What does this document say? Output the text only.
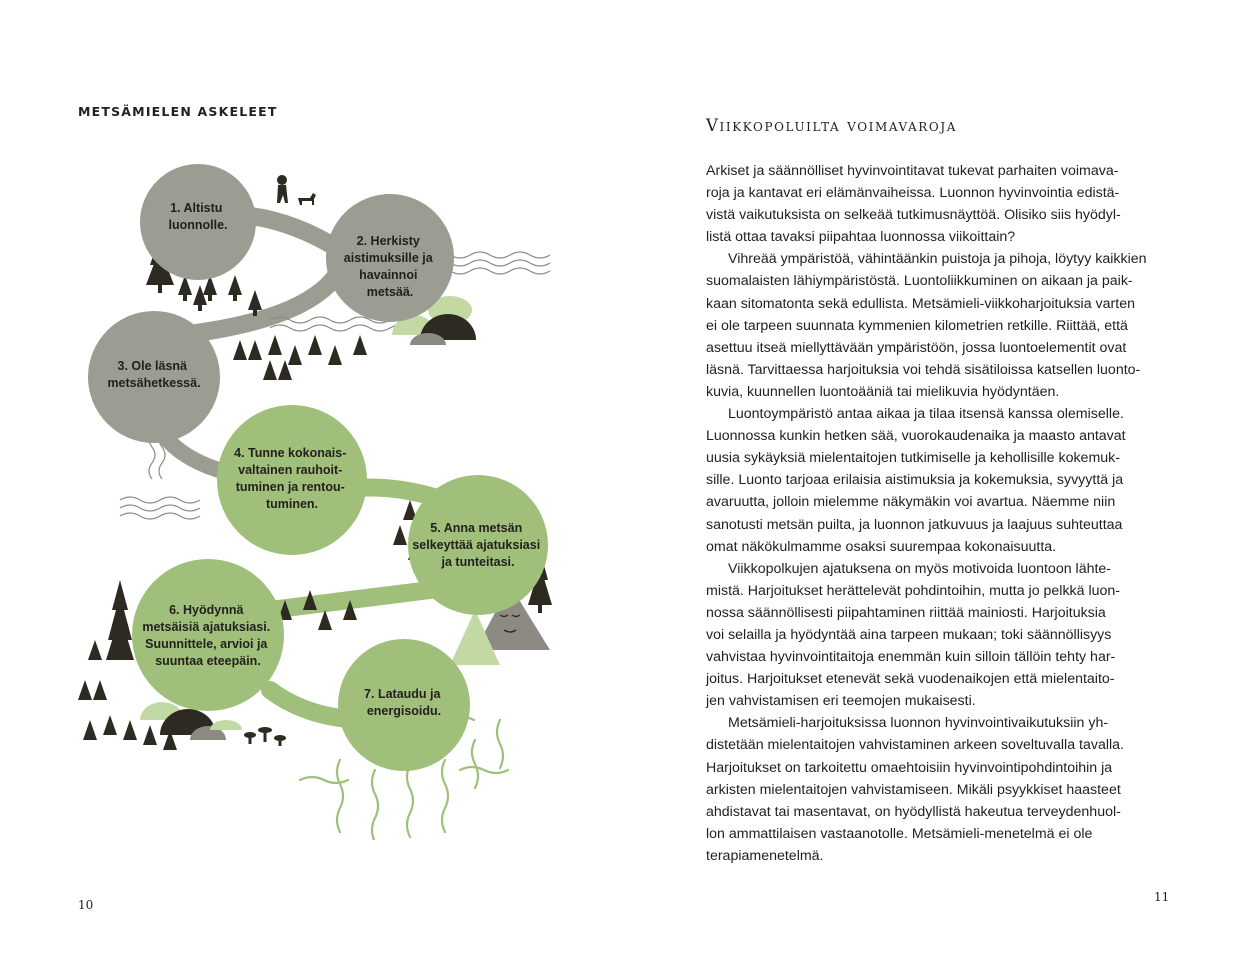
METSÄMIELEN ASKELEET
1. Altistu luonnolle.
2. Herkisty aistimuksille ja havainnoi metsää.
3. Ole läsnä metsähetkessä.
4. Tunne kokonais- valtainen rauhoit- tuminen ja rentou- tuminen.
5. Anna metsän selkeyttää ajatuksiasi ja tunteitasi.
6. Hyödynnä metsäisiä ajatuksiasi. Suunnittele, arvioi ja suuntaa eteepäin.
7. Lataudu ja energisoidu.
10
Viikkopoluilta voimavaroja

Arkiset ja säännölliset hyvinvointitavat tukevat parhaiten voimava-
roja ja kantavat eri elämänvaiheissa. Luonnon hyvinvointia edistä-
vistä vaikutuksista on selkeää tutkimusnäyttöä. Olisiko siis hyödyl-
listä ottaa tavaksi piipahtaa luonnossa viikoittain?

Vihreää ympäristöä, vähintäänkin puistoja ja pihoja, löytyy kaikkien
suomalaisten lähiympäristöstä. Luontoliikkuminen on aikaan ja paik-
kaan sitomatonta sekä edullista. Metsämieli-viikkoharjoituksia varten
ei ole tarpeen suunnata kymmenien kilometrien retkille. Riittää, että
asettuu itseä miellyttävään ympäristöön, jossa luontoelementit ovat
läsnä. Tarvittaessa harjoituksia voi tehdä sisätiloissa katsellen luonto-
kuvia, kuunnellen luontoääniä tai mielikuvia hyödyntäen.

Luontoympäristö antaa aikaa ja tilaa itsensä kanssa olemiselle.
Luonnossa kunkin hetken sää, vuorokaudenaika ja maasto antavat
uusia sykäyksiä mielentaitojen tutkimiselle ja kehollisille kokemuk-
sille. Luonto tarjoaa erilaisia aistimuksia ja kokemuksia, syvyyttä ja
avaruutta, jolloin mielemme näkymäkin voi avartua. Näemme niin
sanotusti metsän puilta, ja luonnon jatkuvuus ja laajuus suhteuttaa
omat näkökulmamme osaksi suurempaa kokonaisuutta.

Viikkopolkujen ajatuksena on myös motivoida luontoon lähte-
mistä. Harjoitukset herättelevät pohdintoihin, mutta jo pelkkä luon-
nossa säännöllisesti piipahtaminen riittää mainiosti. Harjoituksia
voi selailla ja hyödyntää aina tarpeen mukaan; toki säännöllisyys
vahvistaa hyvinvointitaitoja enemmän kuin silloin tällöin tehty har-
joitus. Harjoitukset etenevät sekä vuodenaikojen että mielentaito-
jen vahvistamisen eri teemojen mukaisesti.

Metsämieli-harjoituksissa luonnon hyvinvointivaikutuksiin yh-
distetään mielentaitojen vahvistaminen arkeen soveltuvalla tavalla.
Harjoitukset on tarkoitettu omaehtoisiin hyvinvointipohdintoihin ja
arkisten mielentaitojen vahvistamiseen. Mikäli psyykkiset haasteet
ahdistavat tai masentavat, on hyödyllistä hakeutua terveydenhuol-
lon ammattilaisen vastaanotolle. Metsämieli-menetelmä ei ole
terapiamenetelmä.

11
